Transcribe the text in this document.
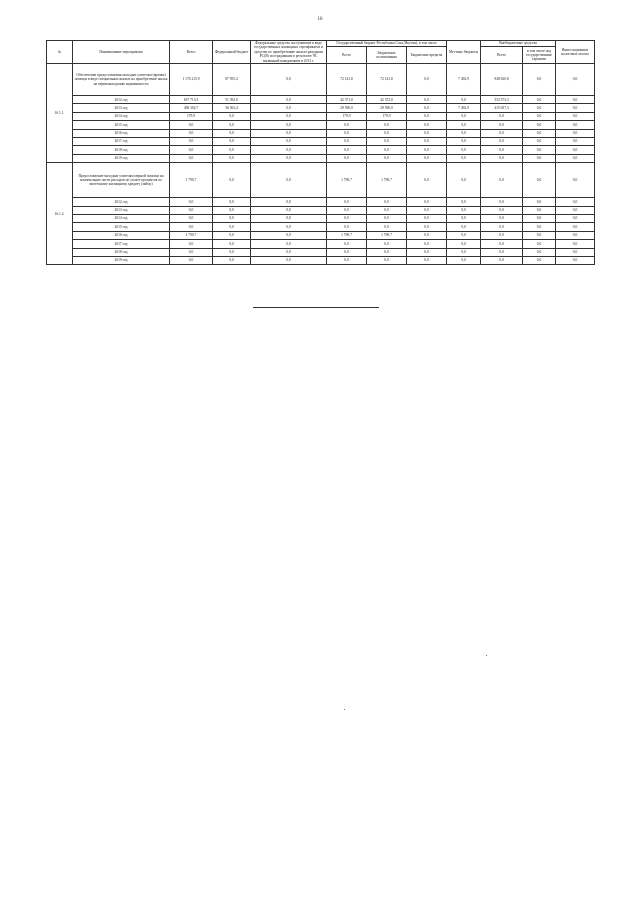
16
№	Наименование мероприятия	Всего	Федеральный бюджет	Федеральные средства поступившие в виде государственных жилищных сертификатов и средства по приобретению жилья гражданам РС(Я) пострадавшим в результате ЧС вызванной наводнением в 2013 г.	Государственный бюджет Республики Саха (Якутия), в том числе			Местные бюджеты	Внебюджетные средства		Инвестиционные налоговые льготы
					Всего	Бюджетные ассигнования	Бюджетные кредиты		Всего	в том числе под государственные гарантии	
16.1.1.	Обеспечение предоставления молодым учителям (врачам) помощи в виде специальных выплат на приобретение жилья на первичном рынке недвижимости	1 176 215,9	87 955,4	0,0	72 141,8	72 141,8	0,0	7 492,9	948 630,8	0,0	0,0
	2012 год	637 713,3	51 392,0	0,0	42 371,0	42 372,0	0,0	0,0	533 573,3	0,0	0,0
	2013 год	458 302,7	36 563,4	0,0	29 590,0	29 590,0	0,0	7 492,9	415 057,3	0,0	0,0
	2014 год	179,9	0,0	0,0	179,9	179,9	0,0	0,0	0,0	0,0	0,0
	2015 год	0,0	0,0	0,0	0,0	0,0	0,0	0,0	0,0	0,0	0,0
	2016 год	0,0	0,0	0,0	0,0	0,0	0,0	0,0	0,0	0,0	0,0
	2017 год	0,0	0,0	0,0	0,0	0,0	0,0	0,0	0,0	0,0	0,0
	2018 год	0,0	0,0	0,0	0,0	0,0	0,0	0,0	0,0	0,0	0,0
	2019 год	0,0	0,0	0,0	0,0	0,0	0,0	0,0	0,0	0,0	0,0
16.1.2.	Предоставление молодым учителям мерной помощи на компенсацию части расходов по уплате процентов по ипотечному жилищному кредиту (займу)	1 790,7	0,0	0,0	1 790,7	1 790,7	0,0	0,0	0,0	0,0	0,0
	2012 год	0,0	0,0	0,0	0,0	0,0	0,0	0,0	0,0	0,0	0,0
	2013 год	0,0	0,0	0,0	0,0	0,0	0,0	0,0	0,0	0,0	0,0
	2014 год	0,0	0,0	0,0	0,0	0,0	0,0	0,0	0,0	0,0	0,0
	2015 год	0,0	0,0	0,0	0,0	0,0	0,0	0,0	0,0	0,0	0,0
	2016 год	1 790,7	0,0	0,0	1 790,7	1 790,7	0,0	0,0	0,0	0,0	0,0
	2017 год	0,0	0,0	0,0	0,0	0,0	0,0	0,0	0,0	0,0	0,0
	2018 год	0,0	0,0	0,0	0,0	0,0	0,0	0,0	0,0	0,0	0,0
	2019 год	0,0	0,0	0,0	0,0	0,0	0,0	0,0	0,0	0,0	0,0
